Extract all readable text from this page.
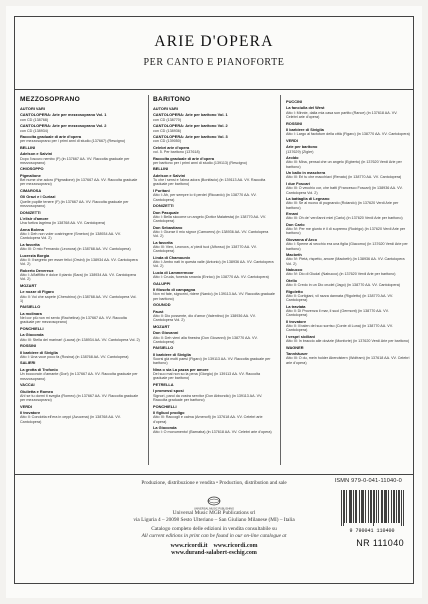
ARIE D'OPERA
PER CANTO E PIANOFORTE
MEZZOSOPRANO
AUTORI VARI
CANTOLOPERA: Arie per mezzosoprano Vol. 1
con CD (138768)
CANTOLOPERA: Arie per mezzosoprano Vol. 2
con CD (138934)
Raccolta graduale di arie d'opera
per mezzosoprano per i primi anni di studio (137667) (Rescigno)
BELLINI
Adelson e Salvini
Dopo l'oscuro nembo (F) (in 137667 AA. VV. Raccolta graduale per mezzosoprano)
CHIOSOPPO
Pigmalione
Bel nume che adoro (Pigmalione) (in 137667 AA. VV. Raccolta graduale per mezzosoprano)
CIMAROSA
Gli Orazi e i Curiazi
Quelle pupille tenere (F) (in 137667 AA. VV. Raccolta graduale per mezzosoprano)
DONIZETTI
L'elisir d'amore
Una furtiva lagrima (in 138768 AA. VV. Cantolopera)
Anna Bolena
Atto I: Deh non voler costringere (Smeton) (in 138934 AA. VV. Cantolopera Vol. 2)
La favorita
Atto III: O mio Fernando (Leonora) (in 138768 AA. VV. Cantolopera)
Lucrezia Borgia
Atto II: Il segreto per esser felici (Orsini) (in 138934 AA. VV. Cantolopera Vol. 2)
Roberto Devereux
Atto I: All'afflitto è dolce il pianto (Sara) (in 138934 AA. VV. Cantolopera Vol. 2)
MOZART
Le nozze di Figaro
Atto II: Voi che sapete (Cherubino) (in 138768 AA. VV. Cantolopera Vol. 1)
PAISIELLO
La molinara
Nel cor più non mi sento (Rachelina) (in 137667 AA. VV. Raccolta graduale per mezzosoprano)
PONCHIELLI
La Gioconda
Atto III: Stella del marinar! (Laura) (in 138934 AA. VV. Cantolopera Vol. 2)
ROSSINI
Il barbiere di Siviglia
Atto I: Una voce poco fa (Rosina) (in 138768 AA. VV. Cantolopera)
SALIERI
La grotta di Trofonio
Un bocconcin d'amante (Dori) (in 137667 AA. VV. Raccolta graduale per mezzosoprano)
VACCAI
Giulietta e Romeo
Ah! se tu dormi ti sveglia (Romeo) (in 137667 AA. VV. Raccolta graduale per mezzosoprano)
VERDI
Il trovatore
Atto II: Condotta ell'era in ceppi (Azucena) (in 138768 AA. VV. Cantolopera)
BARITONO
AUTORI VARI
CANTOLOPERA: Arie per baritono Vol. 1
con CD (138770)
CANTOLOPERA: Arie per baritono Vol. 2
con CD (138936)
CANTOLOPERA: Arie per baritono Vol. 3
con CD (139050)
Celebri arie d'opera
vol. 5. Per baritono (137618)
Raccolta graduale di arie d'opera
per baritono per i primi anni di studio (139113) (Rescigno)
BELLINI
Adelson e Salvini
Tu che i sensi e l'alma adora (Bonifacio) (in 139113 AA. VV. Raccolta graduale per baritono)
I Puritani
Atto I: Ah, per sempre io ti perdei (Riccardo) (in 138770 AA. VV. Cantolopera)
DONIZETTI
Don Pasquale
Atto I: Bella siccome un angelo (Dottor Malatesta) (in 138770 AA. VV. Cantolopera)
Don Sebastiano
Atto I: Giunse il mio signor (Camoens) (in 138936 AA. VV. Cantolopera Vol. 2)
La favorita
Atto III: Vien, Leonora, a' piedi tuoi (Alfonso) (in 138770 AA. VV. Cantolopera)
Linda di Chamounix
Atto I: Ambo nati in questa valle (Antonio) (in 138936 AA. VV. Cantolopera Vol. 2)
Lucia di Lammermoor
Atto I: Cruda, funesta smania (Enrico) (in 138770 AA. VV. Cantolopera)
GALUPPI
Il filosofo di campagna
Non mi fate, signorini, ridere (Nardo) (in 139113 AA. VV. Raccolta graduale per baritono)
GOUNOD
Faust
Atto II: Dio possente, dio d'amor (Valentino) (in 138936 AA. VV. Cantolopera Vol. 2)
MOZART
Don Giovanni
Atto II: Deh vieni alla finestra (Don Giovanni) (in 138770 AA. VV. Cantolopera)
PAISIELLO
Il barbiere di Siviglia
Scorsi già molti paesi (Figaro) (in 139113 AA. VV. Raccolta graduale per baritono)
Nina o sia La pazza per amore
Del suo mal non so la pena (Giorgio) (in 139113 AA. VV. Raccolta graduale per baritono)
PETRELLA
I promessi sposi
Signori, parol da vostra servitor (Don Abbondio) (in 139113 AA. VV. Raccolta graduale per baritono)
PONCHIELLI
Il figliuol prodigo
Atto III: Raccogli e calma (Amenofi) (in 137618 AA. VV. Celebri arie d'opera)
La Gioconda
Atto I: O monumento! (Barnaba) (in 137618 AA. VV. Celebri arie d'opera)
PUCCINI
La fanciulla del West
Atto I: Minnie, dalla mia casa son partito (Rance) (in 137618 AA. VV. Celebri arie d'opera)
ROSSINI
Il barbiere di Siviglia
Atto I: Largo al factotum della città (Figaro) (in 138770 AA. VV. Cantolopera)
VERDI
Arie per baritono
(137629) (Zigler)
Aroldo
Atto III: Mina, pensai che un angelo (Egberto) (in 137620 Verdi Arie per baritono)
Un ballo in maschera
Atto III: Eri tu che macchiavi (Renato) (in 138770 AA. VV. Cantolopera)
I due Foscari
Atto III: O vecchio cor, che batti (Francesco Foscari) (in 138936 AA. VV. Cantolopera Vol. 2)
La battaglia di Legnano
Atto III: Se al nuovo di pugnando (Rolando) (in 137620 Verdi Arie per baritono)
Ernani
Atto III: Oh de' verd'anni miei (Carlo) (in 137620 Verdi Arie per baritono)
Don Carlo
Atto IV: Per me giunto è il dì supremo (Rodrigo) (in 137620 Verdi Arie per baritono)
Giovanna d'Arco
Atto I: Speme al vecchio era una figlia (Giacomo) (in 137620 Verdi Arie per baritono)
Macbeth
Atto IV: Pietà, rispetto, amore (Macbeth) (in 138936 AA. VV. Cantolopera Vol. 2)
Nabucco
Atto IV: Dio di Giuda! (Nabucco) (in 137620 Verdi Arie per baritono)
Otello
Atto II: Credo in un Dio crudel (Jago) (in 138770 AA. VV. Cantolopera)
Rigoletto
Atto II: Cortigiani, vil razza dannata (Rigoletto) (in 138770 AA. VV. Cantolopera)
La traviata
Atto II: Di Provenza il mar, il suol (Germont) (in 138770 AA. VV. Cantolopera)
Il trovatore
Atto II: Il balen del suo sorriso (Conte di Luna) (in 138770 AA. VV. Cantolopera)
I vespri siciliani
Atto III: In braccio alle dovizie (Monforte) (in 137620 Verdi Arie per baritono)
WAGNER
Tannhäuser
Atto III: O du, mein holder Abendstern (Wolfram) (in 137618 AA. VV. Celebri arie d'opera)
Produzione, distribuzione e vendita • Production, distribution and sale	ISMN 979-0-041-11040-0
UNIVERSAL MUSIC PUBLISHING
Universal Music MGB Publications srl
via Liguria 4 – 20098 Sesto Ulteriano – San Giuliano Milanese (MI) – Italia
Catalogo completo delle edizioni in vendita consultabile su
All current editions in print can be found in our on-line catalogue at
www.ricordi.it www.ricordi.com
www.durand-salabert-eschig.com
9 790041 110400
NR 111040
